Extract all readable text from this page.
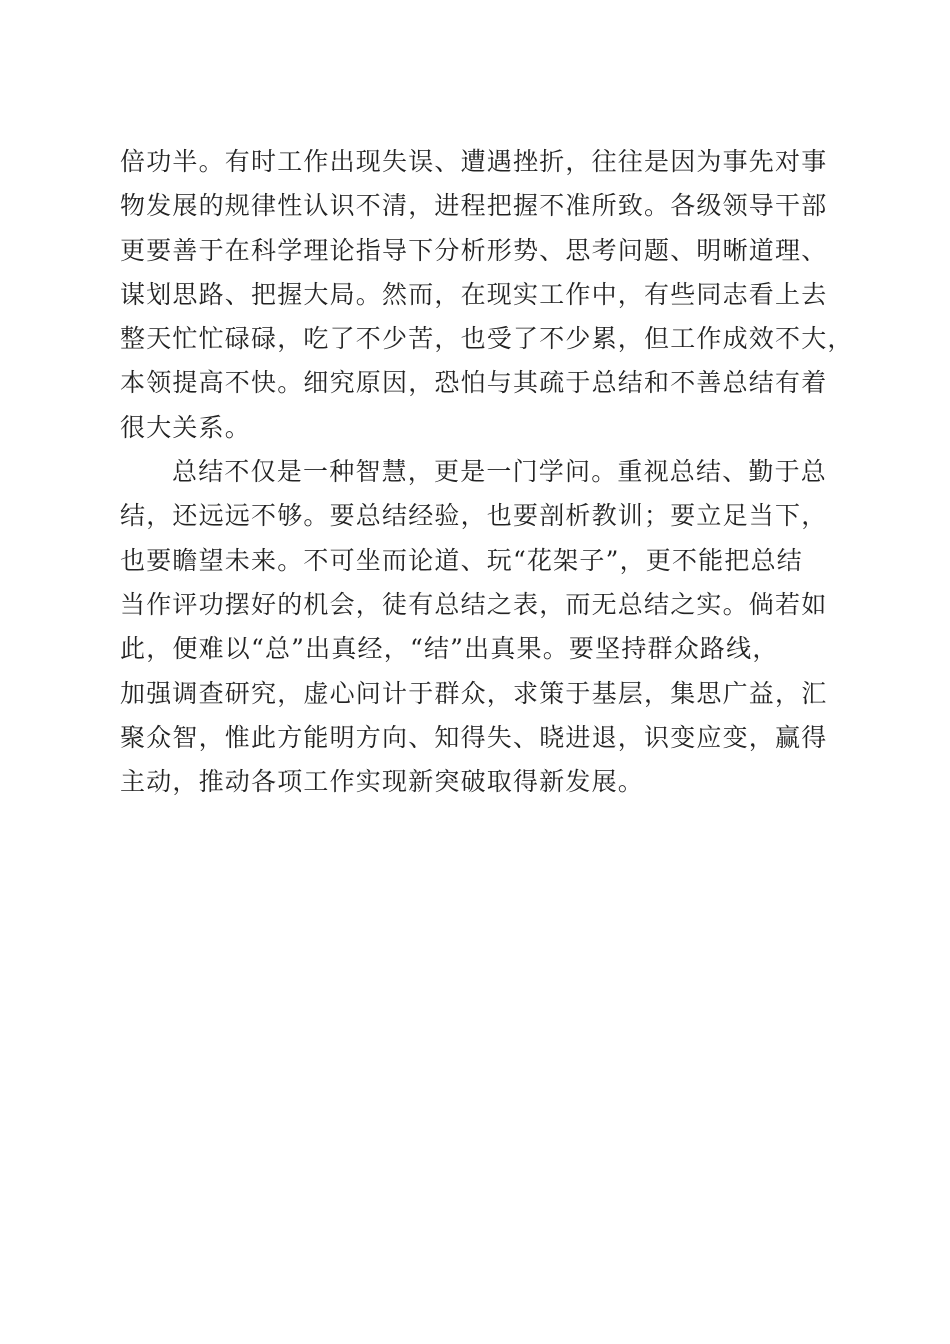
倍功半。有时工作出现失误、遭遇挫折，往往是因为事先对事
物发展的规律性认识不清，进程把握不准所致。各级领导干部
更要善于在科学理论指导下分析形势、思考问题、明晰道理、
谋划思路、把握大局。然而，在现实工作中，有些同志看上去
整天忙忙碌碌，吃了不少苦，也受了不少累，但工作成效不大，
本领提高不快。细究原因，恐怕与其疏于总结和不善总结有着
很大关系。
总结不仅是一种智慧，更是一门学问。重视总结、勤于总
结，还远远不够。要总结经验，也要剖析教训；要立足当下，
也要瞻望未来。不可坐而论道、玩“花架子”，更不能把总结
当作评功摆好的机会，徒有总结之表，而无总结之实。倘若如
此，便难以“总”出真经，“结”出真果。要坚持群众路线，
加强调查研究，虚心问计于群众，求策于基层，集思广益，汇
聚众智，惟此方能明方向、知得失、晓进退，识变应变，赢得
主动，推动各项工作实现新突破取得新发展。
